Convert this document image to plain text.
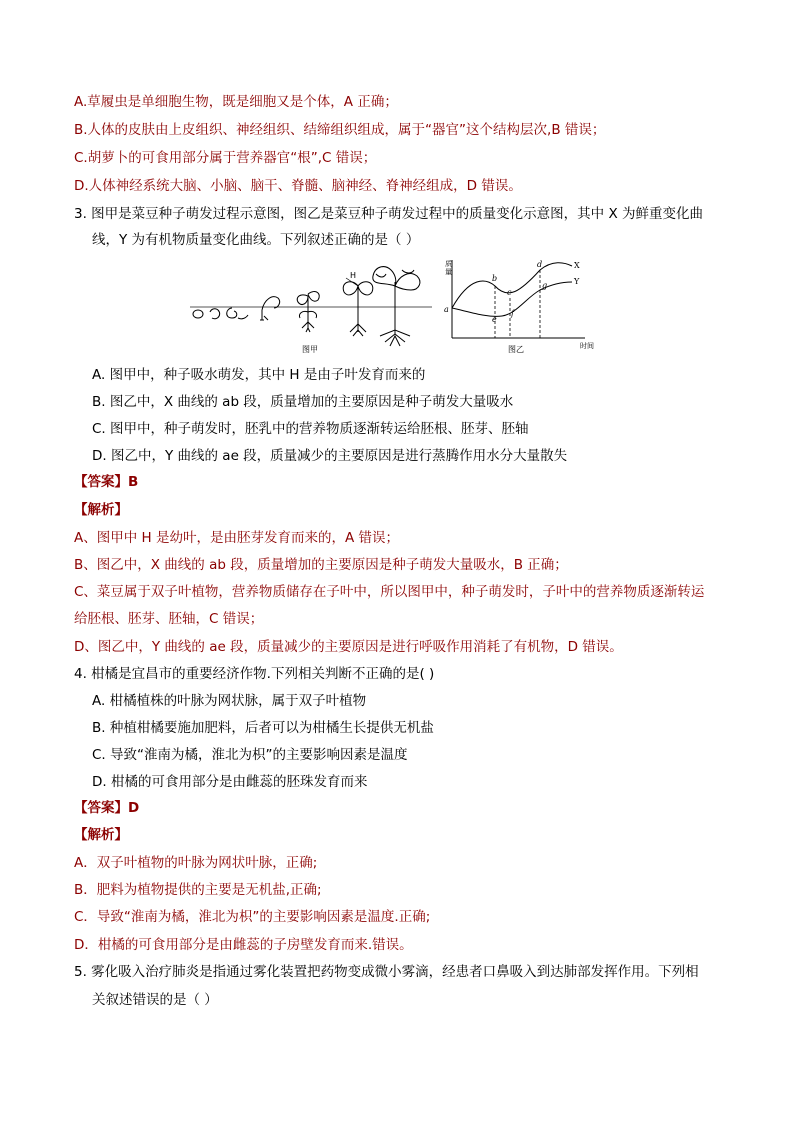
A.草履虫是单细胞生物，既是细胞又是个体，A 正确；
B.人体的皮肤由上皮组织、神经组织、结缔组织组成，属于“器官”这个结构层次,B 错误；
C.胡萝卜的可食用部分属于营养器官“根”,C 错误；
D.人体神经系统大脑、小脑、脑干、脊髓、脑神经、脊神经组成，D 错误。
3. 图甲是菜豆种子萌发过程示意图，图乙是菜豆种子萌发过程中的质量变化示意图，其中 X 为鲜重变化曲
线，Y 为有机物质量变化曲线。下列叙述正确的是（ ）
H
图甲
a
b
c
d
e
f
g
X
Y
质
量
时间
图乙
A. 图甲中，种子吸水萌发，其中 H 是由子叶发育而来的
B. 图乙中，X 曲线的 ab 段，质量增加的主要原因是种子萌发大量吸水
C. 图甲中，种子萌发时，胚乳中的营养物质逐渐转运给胚根、胚芽、胚轴
D. 图乙中，Y 曲线的 ae 段，质量减少的主要原因是进行蒸腾作用水分大量散失
【答案】B
【解析】
A、图甲中 H 是幼叶，是由胚芽发育而来的，A 错误；
B、图乙中，X 曲线的 ab 段，质量增加的主要原因是种子萌发大量吸水，B 正确；
C、菜豆属于双子叶植物，营养物质储存在子叶中，所以图甲中，种子萌发时，子叶中的营养物质逐渐转运
给胚根、胚芽、胚轴，C 错误；
D、图乙中，Y 曲线的 ae 段，质量减少的主要原因是进行呼吸作用消耗了有机物，D 错误。
4. 柑橘是宜昌市的重要经济作物.下列相关判断不正确的是( )
A. 柑橘植株的叶脉为网状脉，属于双子叶植物
B. 种植柑橘要施加肥料，后者可以为柑橘生长提供无机盐
C. 导致“淮南为橘，淮北为枳”的主要影响因素是温度
D. 柑橘的可食用部分是由雌蕊的胚珠发育而来
【答案】D
【解析】
A．双子叶植物的叶脉为网状叶脉，正确;
B．肥料为植物提供的主要是无机盐,正确;
C．导致“淮南为橘，淮北为枳”的主要影响因素是温度.正确;
D．柑橘的可食用部分是由雌蕊的子房壁发育而来.错误。
5. 雾化吸入治疗肺炎是指通过雾化装置把药物变成微小雾滴，经患者口鼻吸入到达肺部发挥作用。下列相
关叙述错误的是（ ）
